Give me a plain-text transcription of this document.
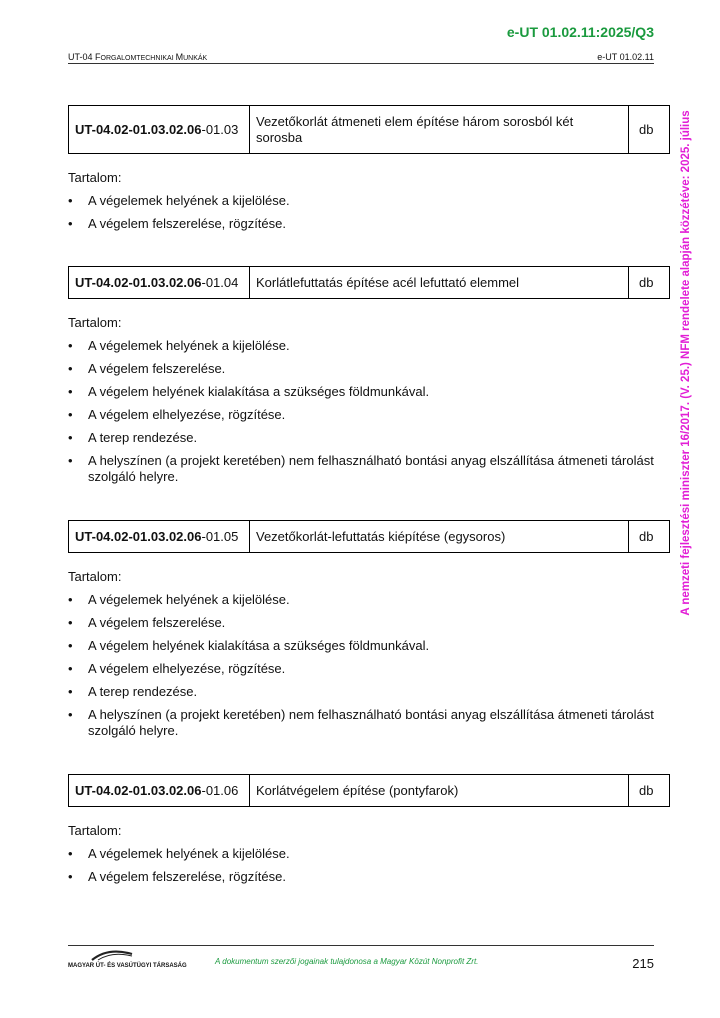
e-UT 01.02.11:2025/Q3
UT-04 FORGALOMTECHNIKAI MUNKÁK	e-UT 01.02.11
A nemzeti fejlesztési miniszter 16/2017. (V. 25.) NFM rendelete alapján közzétéve: 2025. július
UT-04.02-01.03.02.06-01.03	Vezetőkorlát átmeneti elem építése három sorosból két sorosba	db
Tartalom:
• A végelemek helyének a kijelölése.
• A végelem felszerelése, rögzítése.
UT-04.02-01.03.02.06-01.04	Korlátlefuttatás építése acél lefuttató elemmel	db
Tartalom:
• A végelemek helyének a kijelölése.
• A végelem felszerelése.
• A végelem helyének kialakítása a szükséges földmunkával.
• A végelem elhelyezése, rögzítése.
• A terep rendezése.
• A helyszínen (a projekt keretében) nem felhasználható bontási anyag elszállítása átmeneti tárolást szolgáló helyre.
UT-04.02-01.03.02.06-01.05	Vezetőkorlát-lefuttatás kiépítése (egysoros)	db
Tartalom:
• A végelemek helyének a kijelölése.
• A végelem felszerelése.
• A végelem helyének kialakítása a szükséges földmunkával.
• A végelem elhelyezése, rögzítése.
• A terep rendezése.
• A helyszínen (a projekt keretében) nem felhasználható bontási anyag elszállítása átmeneti tárolást szolgáló helyre.
UT-04.02-01.03.02.06-01.06	Korlátvégelem építése (pontyfarok)	db
Tartalom:
• A végelemek helyének a kijelölése.
• A végelem felszerelése, rögzítése.
MAGYAR ÚT- ÉS VASÚTÜGYI TÁRSASÁG	A dokumentum szerzői jogainak tulajdonosa a Magyar Közút Nonprofit Zrt.	215
